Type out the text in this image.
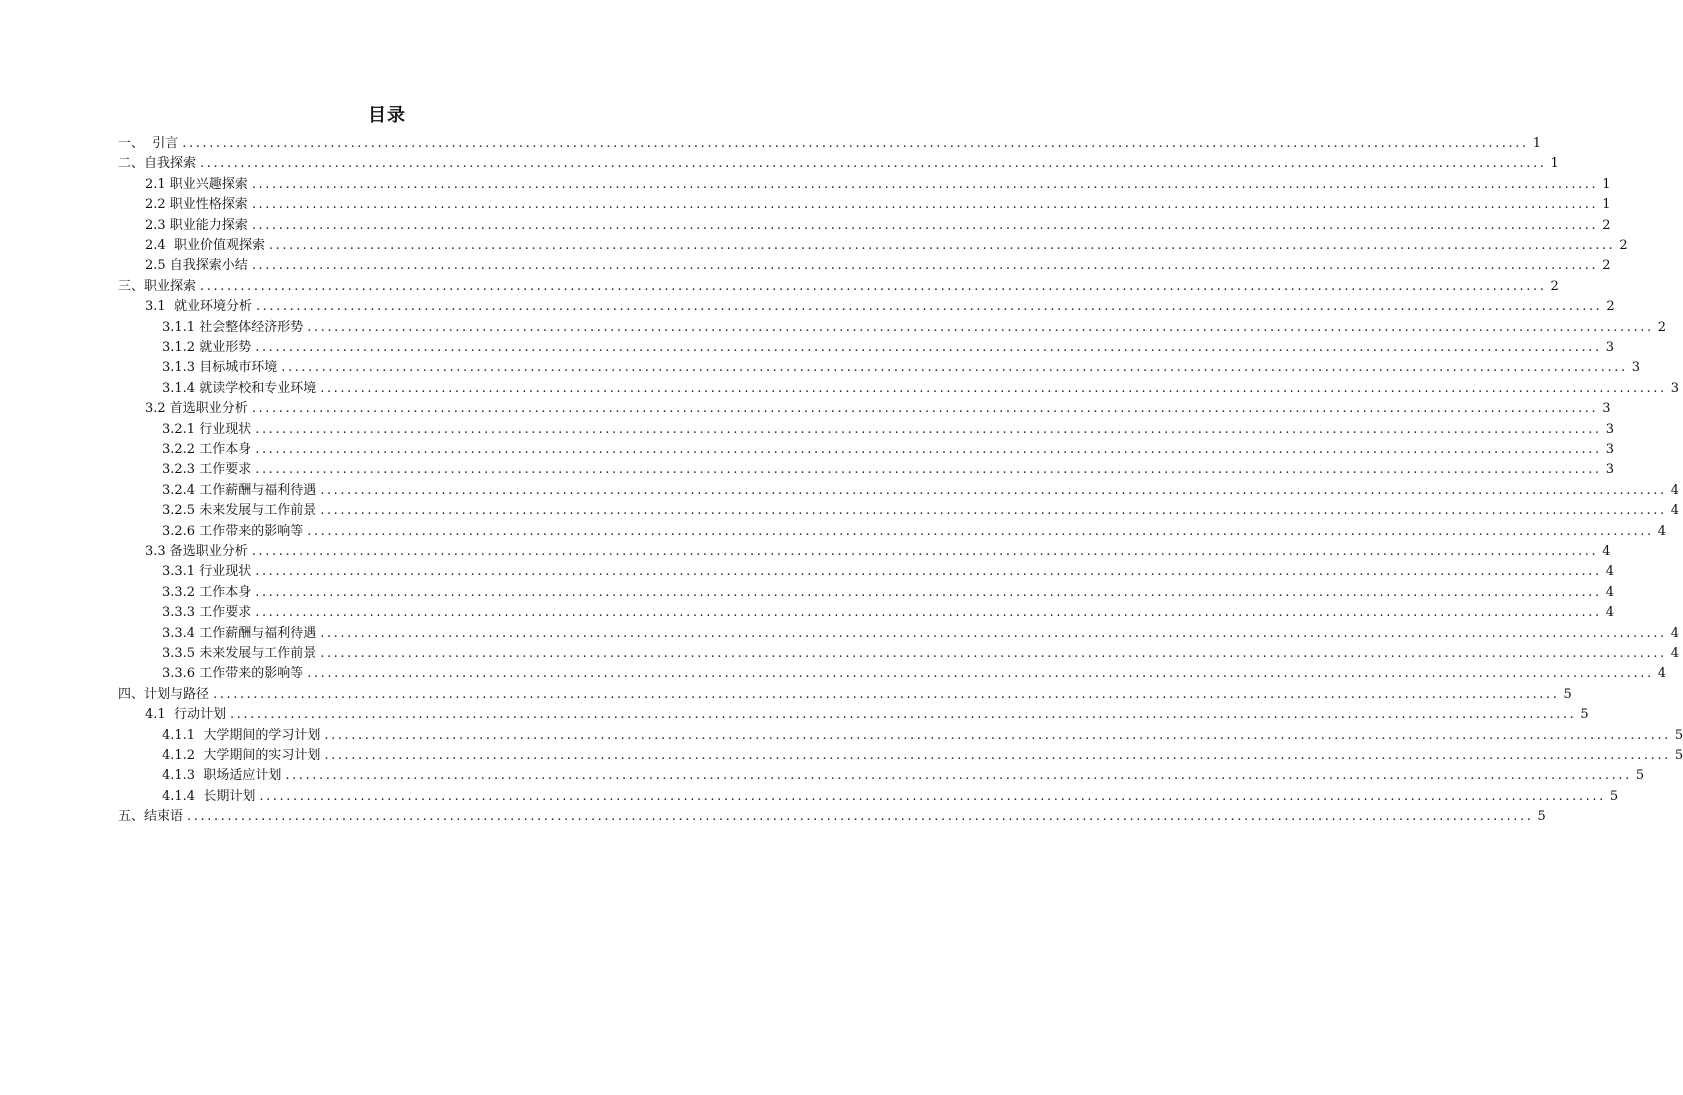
目录
一、  引言 ........................................................................................................................................................................................................ 1
二、自我探索 ........................................................................................................................................................................................................ 1
2.1 职业兴趣探索 ........................................................................................................................................................................................................ 1
2.2 职业性格探索 ........................................................................................................................................................................................................ 1
2.3 职业能力探索 ........................................................................................................................................................................................................ 2
2.4  职业价值观探索 ........................................................................................................................................................................................................ 2
2.5 自我探索小结 ........................................................................................................................................................................................................ 2
三、职业探索 ........................................................................................................................................................................................................ 2
3.1  就业环境分析 ........................................................................................................................................................................................................ 2
3.1.1 社会整体经济形势 ........................................................................................................................................................................................................ 2
3.1.2 就业形势 ........................................................................................................................................................................................................ 3
3.1.3 目标城市环境 ........................................................................................................................................................................................................ 3
3.1.4 就读学校和专业环境 ........................................................................................................................................................................................................ 3
3.2 首选职业分析 ........................................................................................................................................................................................................ 3
3.2.1 行业现状 ........................................................................................................................................................................................................ 3
3.2.2 工作本身 ........................................................................................................................................................................................................ 3
3.2.3 工作要求 ........................................................................................................................................................................................................ 3
3.2.4 工作薪酬与福利待遇 ........................................................................................................................................................................................................ 4
3.2.5 未来发展与工作前景 ........................................................................................................................................................................................................ 4
3.2.6 工作带来的影响等 ........................................................................................................................................................................................................ 4
3.3 备选职业分析 ........................................................................................................................................................................................................ 4
3.3.1 行业现状 ........................................................................................................................................................................................................ 4
3.3.2 工作本身 ........................................................................................................................................................................................................ 4
3.3.3 工作要求 ........................................................................................................................................................................................................ 4
3.3.4 工作薪酬与福利待遇 ........................................................................................................................................................................................................ 4
3.3.5 未来发展与工作前景 ........................................................................................................................................................................................................ 4
3.3.6 工作带来的影响等 ........................................................................................................................................................................................................ 4
四、计划与路径 ........................................................................................................................................................................................................ 5
4.1  行动计划 ........................................................................................................................................................................................................ 5
4.1.1  大学期间的学习计划 ........................................................................................................................................................................................................ 5
4.1.2  大学期间的实习计划 ........................................................................................................................................................................................................ 5
4.1.3  职场适应计划 ........................................................................................................................................................................................................ 5
4.1.4  长期计划 ........................................................................................................................................................................................................ 5
五、结束语 ........................................................................................................................................................................................................ 5
